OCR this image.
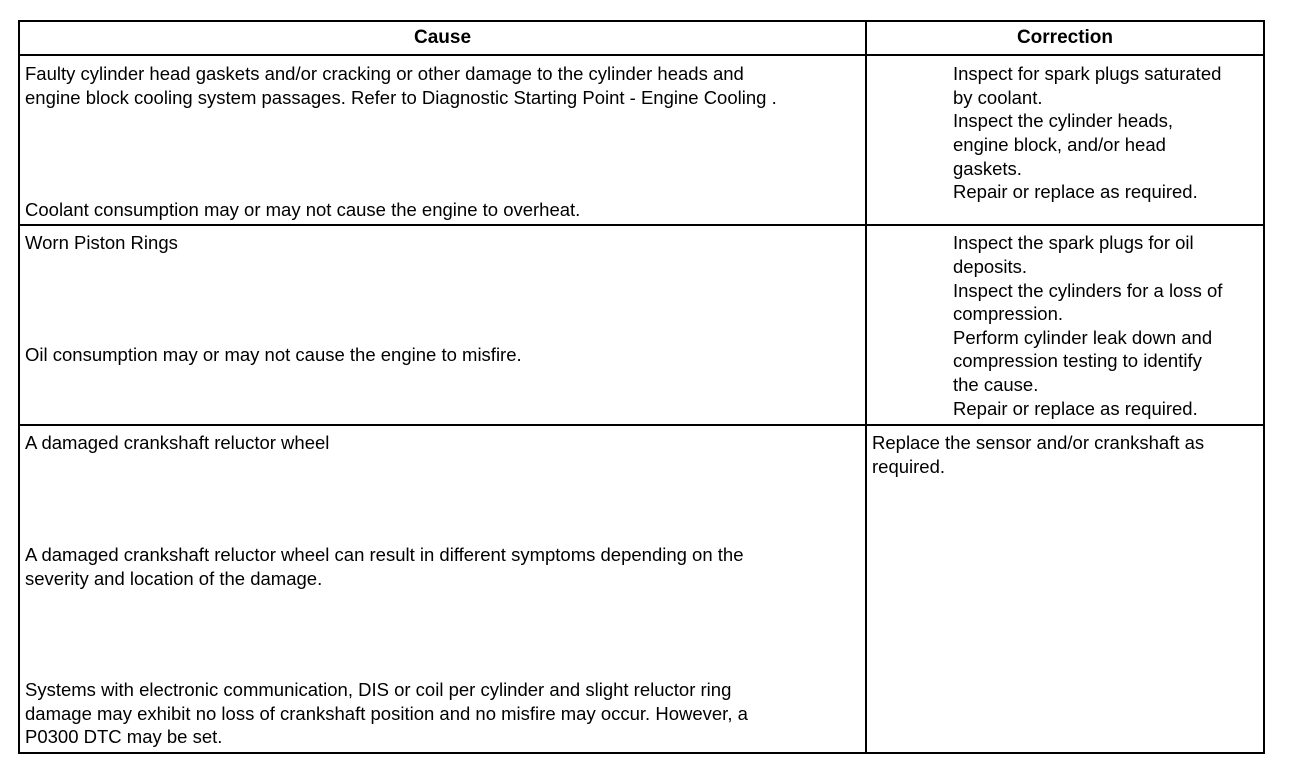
Cause	Correction
Faulty cylinder head gaskets and/or cracking or other damage to the cylinder heads and
engine block cooling system passages. Refer to Diagnostic Starting Point - Engine Cooling .
Coolant consumption may or may not cause the engine to overheat.
Inspect for spark plugs saturated
by coolant.
Inspect the cylinder heads,
engine block, and/or head
gaskets.
Repair or replace as required.
Worn Piston Rings
Oil consumption may or may not cause the engine to misfire.
Inspect the spark plugs for oil
deposits.
Inspect the cylinders for a loss of
compression.
Perform cylinder leak down and
compression testing to identify
the cause.
Repair or replace as required.
A damaged crankshaft reluctor wheel
A damaged crankshaft reluctor wheel can result in different symptoms depending on the
severity and location of the damage.
Systems with electronic communication, DIS or coil per cylinder and slight reluctor ring
damage may exhibit no loss of crankshaft position and no misfire may occur. However, a
P0300 DTC may be set.
Replace the sensor and/or crankshaft as
required.
